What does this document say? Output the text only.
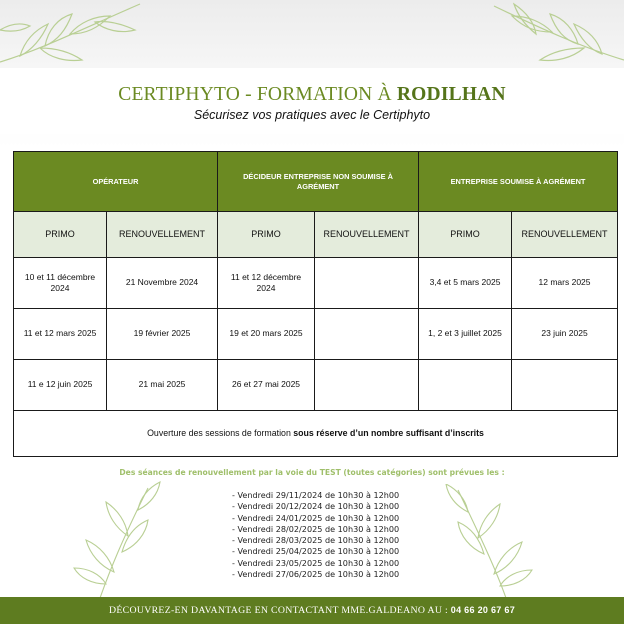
CERTIPHYTO - FORMATION À RODILHAN
Sécurisez vos pratiques avec le Certiphyto
OPÉRATEUR		DÉCIDEUR ENTREPRISE NON SOUMISE À AGRÉMENT		ENTREPRISE SOUMISE À AGRÉMENT	
PRIMO	RENOUVELLEMENT	PRIMO	RENOUVELLEMENT	PRIMO	RENOUVELLEMENT
10 et 11 décembre 2024	21 Novembre 2024	11 et 12 décembre 2024		3,4 et 5 mars 2025	12 mars 2025
11 et 12 mars 2025	19 février 2025	19 et 20 mars 2025		1, 2 et 3 juillet 2025	23 juin 2025
11 e 12 juin 2025	21 mai 2025	26 et 27 mai 2025			
Ouverture des sessions de formation sous réserve d’un nombre suffisant d’inscrits					
Des séances de renouvellement par la voie du TEST (toutes catégories) sont prévues les :
- Vendredi 29/11/2024 de 10h30 à 12h00
- Vendredi 20/12/2024 de 10h30 à 12h00
- Vendredi 24/01/2025 de 10h30 à 12h00
- Vendredi 28/02/2025 de 10h30 à 12h00
- Vendredi 28/03/2025 de 10h30 à 12h00
- Vendredi 25/04/2025 de 10h30 à 12h00
- Vendredi 23/05/2025 de 10h30 à 12h00
- Vendredi 27/06/2025 de 10h30 à 12h00
DÉCOUVREZ-EN DAVANTAGE EN CONTACTANT MME.GALDEANO AU : 04 66 20 67 67
